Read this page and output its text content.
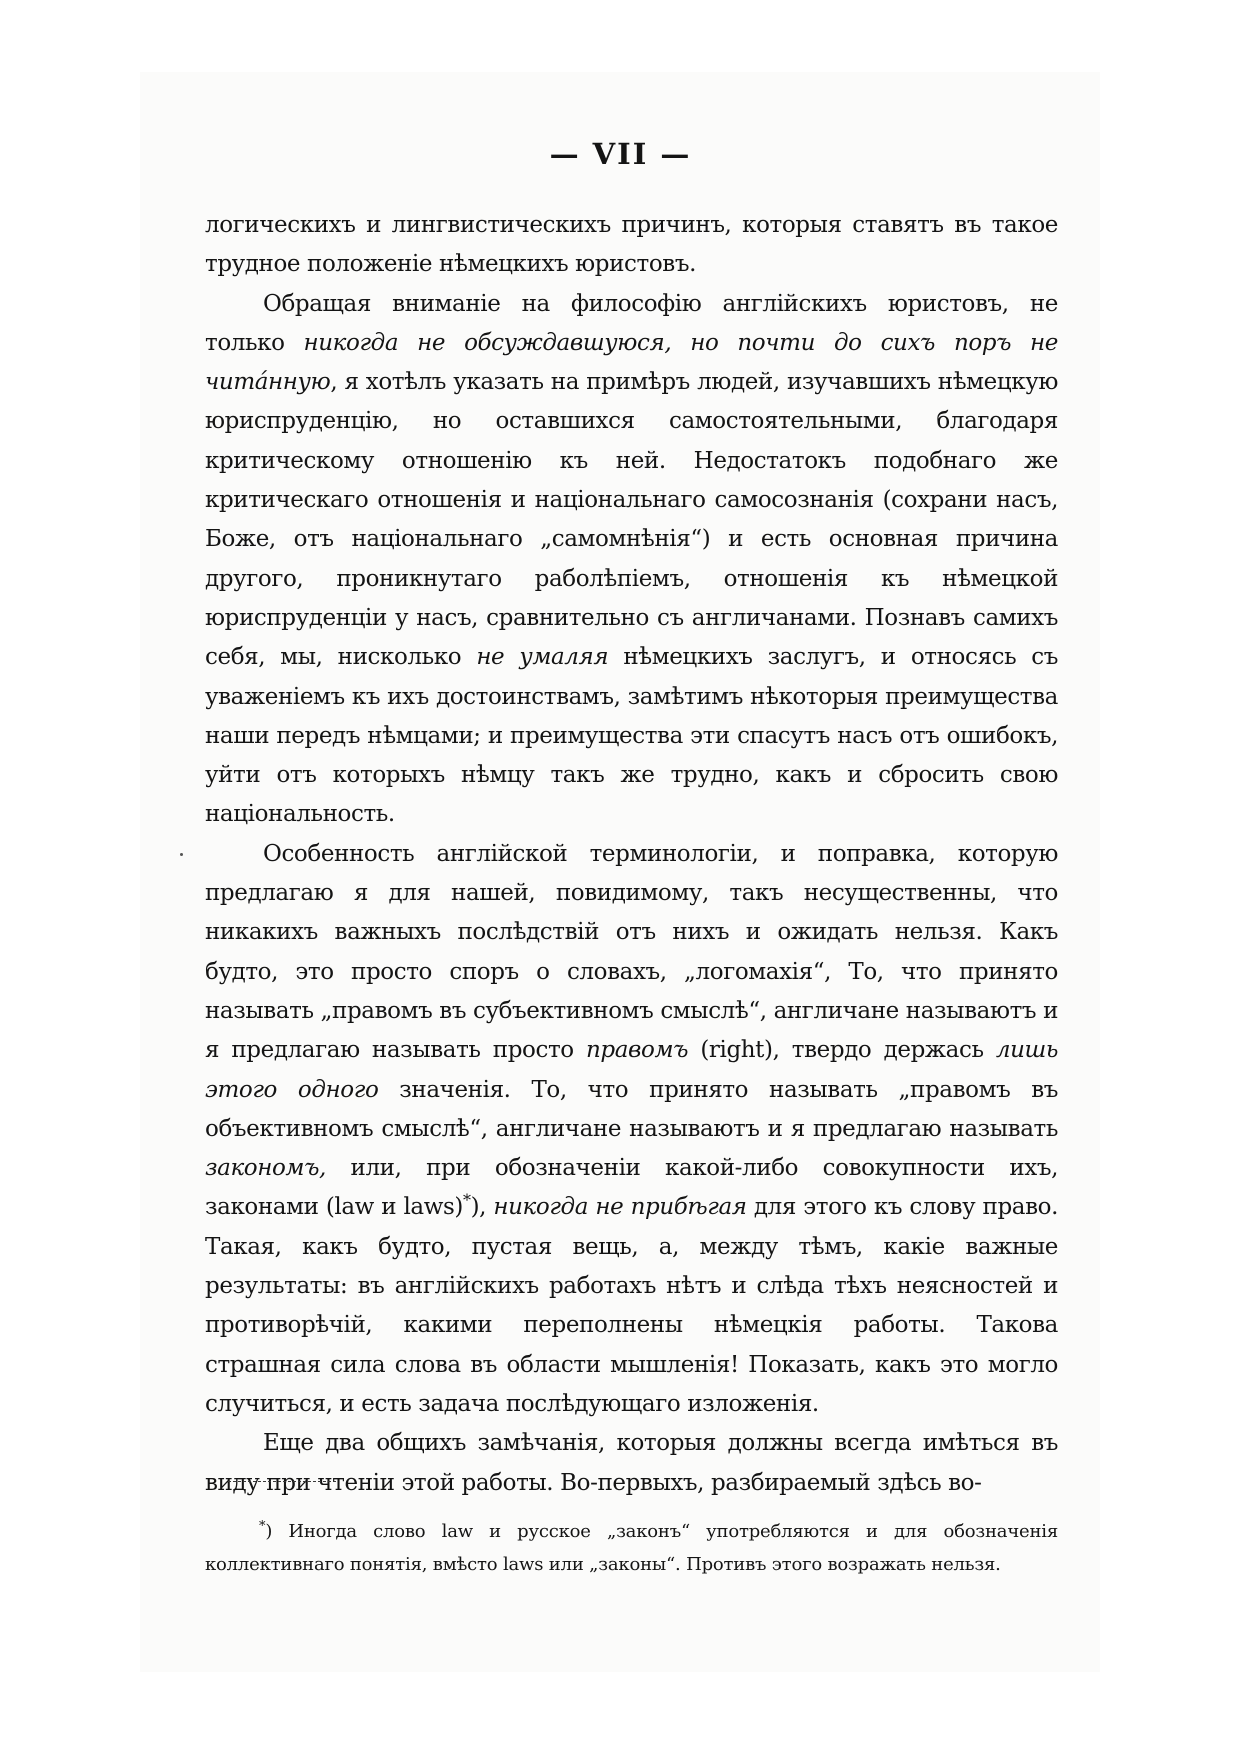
— VII —

логическихъ и лингвистическихъ причинъ, которыя ставятъ въ такое трудное положеніе нѣмецкихъ юристовъ.

Обращая вниманіе на философію англійскихъ юристовъ, не только никогда не обсуждавшуюся, но почти до сихъ поръ не читáнную, я хотѣлъ указать на примѣръ людей, изучавшихъ нѣмецкую юриспруденцію, но оставшихся самостоятельными, благодаря критическому отношенію къ ней. Недостатокъ подобнаго же критическаго отношенія и національнаго самосознанія (сохрани насъ, Боже, отъ національнаго „самомнѣнія“) и есть основная причина другого, проникнутаго раболѣпіемъ, отношенія къ нѣмецкой юриспруденціи у насъ, сравнительно съ англичанами. Познавъ самихъ себя, мы, нисколько не умаляя нѣмецкихъ заслугъ, и относясь съ уваженіемъ къ ихъ достоинствамъ, замѣтимъ нѣкоторыя преимущества наши передъ нѣмцами; и преимущества эти спасутъ насъ отъ ошибокъ, уйти отъ которыхъ нѣмцу такъ же трудно, какъ и сбросить свою національность.

Особенность англійской терминологіи, и поправка, которую предлагаю я для нашей, повидимому, такъ несущественны, что никакихъ важныхъ послѣдствій отъ нихъ и ожидать нельзя. Какъ будто, это просто споръ о словахъ, „логомахія“, То, что принято называть „правомъ въ субъективномъ смыслѣ“, англичане называютъ и я предлагаю называть просто правомъ (right), твердо держась лишь этого одного значенія. То, что принято называть „правомъ въ объективномъ смыслѣ“, англичане называютъ и я предлагаю называть закономъ, или, при обозначеніи какой-либо совокупности ихъ, законами (law и laws)*), никогда не прибѣгая для этого къ слову право. Такая, какъ будто, пустая вещь, а, между тѣмъ, какіе важные результаты: въ англійскихъ работахъ нѣтъ и слѣда тѣхъ неясностей и противорѣчій, какими переполнены нѣмецкія работы. Такова страшная сила слова въ области мышленія! Показать, какъ это могло случиться, и есть задача послѣдующаго изложенія.

Еще два общихъ замѣчанія, которыя должны всегда имѣться въ виду при чтеніи этой работы. Во-первыхъ, разбираемый здѣсь во-

*) Иногда слово law и русское „законъ“ употребляются и для обозначенія коллективнаго понятія, вмѣсто laws или „законы“. Противъ этого возражать нельзя.
